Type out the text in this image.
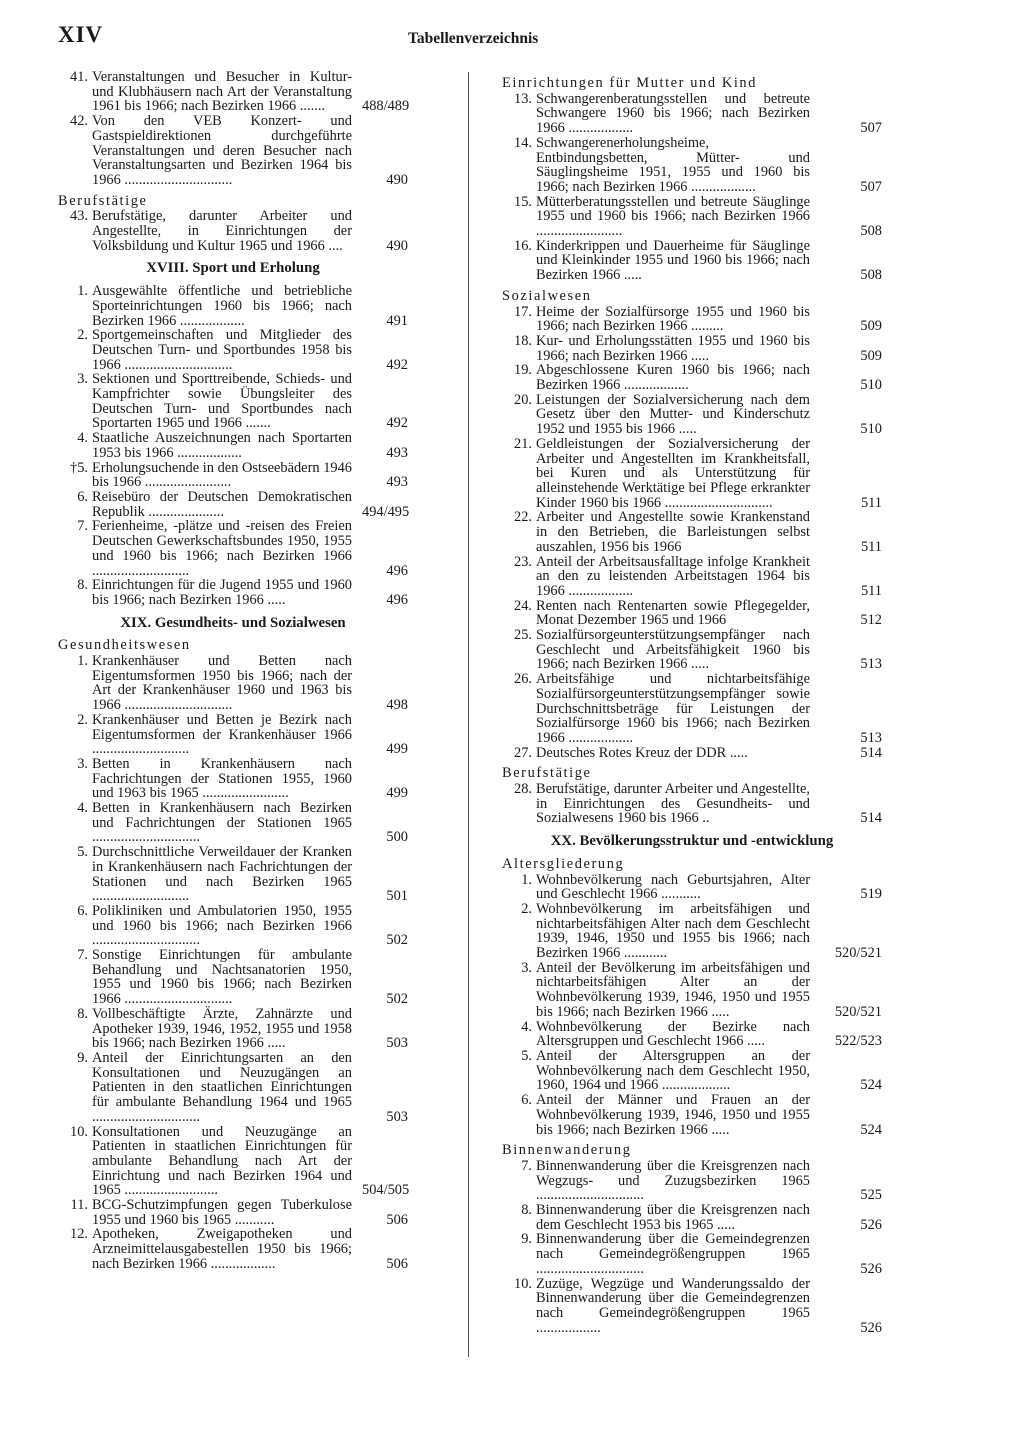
XIV	Tabellenverzeichnis
41. Veranstaltungen und Besucher in Kultur- und Klubhäusern nach Art der Veranstaltung 1961 bis 1966; nach Bezirken 1966 .......	488/489
42. Von den VEB Konzert- und Gastspieldirektionen durchgeführte Veranstaltungen und deren Besucher nach Veranstaltungsarten und Bezirken 1964 bis 1966 ..............................	490
Berufstätige
43. Berufstätige, darunter Arbeiter und Angestellte, in Einrichtungen der Volksbildung und Kultur 1965 und 1966 ....	490
XVIII. Sport und Erholung
1. Ausgewählte öffentliche und betriebliche Sporteinrichtungen 1960 bis 1966; nach Bezirken 1966 ..................	491
2. Sportgemeinschaften und Mitglieder des Deutschen Turn- und Sportbundes 1958 bis 1966 ..............................	492
3. Sektionen und Sporttreibende, Schieds- und Kampfrichter sowie Übungsleiter des Deutschen Turn- und Sportbundes nach Sportarten 1965 und 1966 .......	492
4. Staatliche Auszeichnungen nach Sportarten 1953 bis 1966 ..................	493
†5. Erholungsuchende in den Ostseebädern 1946 bis 1966 ........................	493
6. Reisebüro der Deutschen Demokratischen Republik .....................	494/495
7. Ferienheime, -plätze und -reisen des Freien Deutschen Gewerkschaftsbundes 1950, 1955 und 1960 bis 1966; nach Bezirken 1966 ...........................	496
8. Einrichtungen für die Jugend 1955 und 1960 bis 1966; nach Bezirken 1966 .....	496
XIX. Gesundheits- und Sozialwesen
Gesundheitswesen
1. Krankenhäuser und Betten nach Eigentumsformen 1950 bis 1966; nach der Art der Krankenhäuser 1960 und 1963 bis 1966 ..............................	498
2. Krankenhäuser und Betten je Bezirk nach Eigentumsformen der Krankenhäuser 1966 ...........................	499
3. Betten in Krankenhäusern nach Fachrichtungen der Stationen 1955, 1960 und 1963 bis 1965 ........................	499
4. Betten in Krankenhäusern nach Bezirken und Fachrichtungen der Stationen 1965 ..............................	500
5. Durchschnittliche Verweildauer der Kranken in Krankenhäusern nach Fachrichtungen der Stationen und nach Bezirken 1965 ...........................	501
6. Polikliniken und Ambulatorien 1950, 1955 und 1960 bis 1966; nach Bezirken 1966 ..............................	502
7. Sonstige Einrichtungen für ambulante Behandlung und Nachtsanatorien 1950, 1955 und 1960 bis 1966; nach Bezirken 1966 ..............................	502
8. Vollbeschäftigte Ärzte, Zahnärzte und Apotheker 1939, 1946, 1952, 1955 und 1958 bis 1966; nach Bezirken 1966 .....	503
9. Anteil der Einrichtungsarten an den Konsultationen und Neuzugängen an Patienten in den staatlichen Einrichtungen für ambulante Behandlung 1964 und 1965 ..............................	503
10. Konsultationen und Neuzugänge an Patienten in staatlichen Einrichtungen für ambulante Behandlung nach Art der Einrichtung und nach Bezirken 1964 und 1965 ..........................	504/505
11. BCG-Schutzimpfungen gegen Tuberkulose 1955 und 1960 bis 1965 ...........	506
12. Apotheken, Zweigapotheken und Arzneimittelausgabestellen 1950 bis 1966; nach Bezirken 1966 ..................	506
Einrichtungen für Mutter und Kind
13. Schwangerenberatungsstellen und betreute Schwangere 1960 bis 1966; nach Bezirken 1966 ..................	507
14. Schwangerenerholungsheime, Entbindungsbetten, Mütter- und Säuglingsheime 1951, 1955 und 1960 bis 1966; nach Bezirken 1966 ..................	507
15. Mütterberatungsstellen und betreute Säuglinge 1955 und 1960 bis 1966; nach Bezirken 1966 ........................	508
16. Kinderkrippen und Dauerheime für Säuglinge und Kleinkinder 1955 und 1960 bis 1966; nach Bezirken 1966 .....	508
Sozialwesen
17. Heime der Sozialfürsorge 1955 und 1960 bis 1966; nach Bezirken 1966 .........	509
18. Kur- und Erholungsstätten 1955 und 1960 bis 1966; nach Bezirken 1966 .....	509
19. Abgeschlossene Kuren 1960 bis 1966; nach Bezirken 1966 ..................	510
20. Leistungen der Sozialversicherung nach dem Gesetz über den Mutter- und Kinderschutz 1952 und 1955 bis 1966 .....	510
21. Geldleistungen der Sozialversicherung der Arbeiter und Angestellten im Krankheitsfall, bei Kuren und als Unterstützung für alleinstehende Werktätige bei Pflege erkrankter Kinder 1960 bis 1966 ..............................	511
22. Arbeiter und Angestellte sowie Krankenstand in den Betrieben, die Barleistungen selbst auszahlen, 1956 bis 1966	511
23. Anteil der Arbeitsausfalltage infolge Krankheit an den zu leistenden Arbeitstagen 1964 bis 1966 ..................	511
24. Renten nach Rentenarten sowie Pflegegelder, Monat Dezember 1965 und 1966	512
25. Sozialfürsorgeunterstützungsempfänger nach Geschlecht und Arbeitsfähigkeit 1960 bis 1966; nach Bezirken 1966 .....	513
26. Arbeitsfähige und nichtarbeitsfähige Sozialfürsorgeunterstützungsempfänger sowie Durchschnittsbeträge für Leistungen der Sozialfürsorge 1960 bis 1966; nach Bezirken 1966 ..................	513
27. Deutsches Rotes Kreuz der DDR .....	514
Berufstätige
28. Berufstätige, darunter Arbeiter und Angestellte, in Einrichtungen des Gesundheits- und Sozialwesens 1960 bis 1966 ..	514
XX. Bevölkerungsstruktur und -entwicklung
Altersgliederung
1. Wohnbevölkerung nach Geburtsjahren, Alter und Geschlecht 1966 ...........	519
2. Wohnbevölkerung im arbeitsfähigen und nichtarbeitsfähigen Alter nach dem Geschlecht 1939, 1946, 1950 und 1955 bis 1966; nach Bezirken 1966 ............	520/521
3. Anteil der Bevölkerung im arbeitsfähigen und nichtarbeitsfähigen Alter an der Wohnbevölkerung 1939, 1946, 1950 und 1955 bis 1966; nach Bezirken 1966 .....	520/521
4. Wohnbevölkerung der Bezirke nach Altersgruppen und Geschlecht 1966 .....	522/523
5. Anteil der Altersgruppen an der Wohnbevölkerung nach dem Geschlecht 1950, 1960, 1964 und 1966 ...................	524
6. Anteil der Männer und Frauen an der Wohnbevölkerung 1939, 1946, 1950 und 1955 bis 1966; nach Bezirken 1966 .....	524
Binnenwanderung
7. Binnenwanderung über die Kreisgrenzen nach Wegzugs- und Zuzugsbezirken 1965 ..............................	525
8. Binnenwanderung über die Kreisgrenzen nach dem Geschlecht 1953 bis 1965 .....	526
9. Binnenwanderung über die Gemeindegrenzen nach Gemeindegrößengruppen 1965 ..............................	526
10. Zuzüge, Wegzüge und Wanderungssaldo der Binnenwanderung über die Gemeindegrenzen nach Gemeindegrößengruppen 1965 ..................	526
